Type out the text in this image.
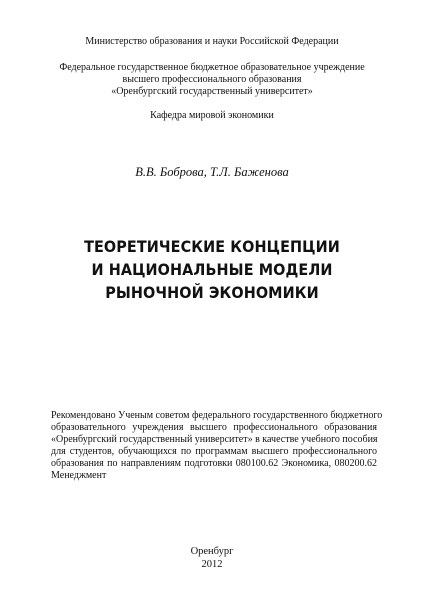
Министерство образования и науки Российской Федерации
Федеральное государственное бюджетное образовательное учреждение
высшего профессионального образования
«Оренбургский государственный университет»
Кафедра мировой экономики
В.В. Боброва, Т.Л. Баженова
ТЕОРЕТИЧЕСКИЕ КОНЦЕПЦИИ
И НАЦИОНАЛЬНЫЕ МОДЕЛИ
РЫНОЧНОЙ ЭКОНОМИКИ
Рекомендовано Ученым советом федерального государственного бюджетного
образовательного учреждения высшего профессионального образования
«Оренбургский государственный университет» в качестве учебного пособия
для студентов, обучающихся по программам высшего профессионального
образования по направлениям подготовки 080100.62 Экономика, 080200.62
Менеджмент
Оренбург
2012
